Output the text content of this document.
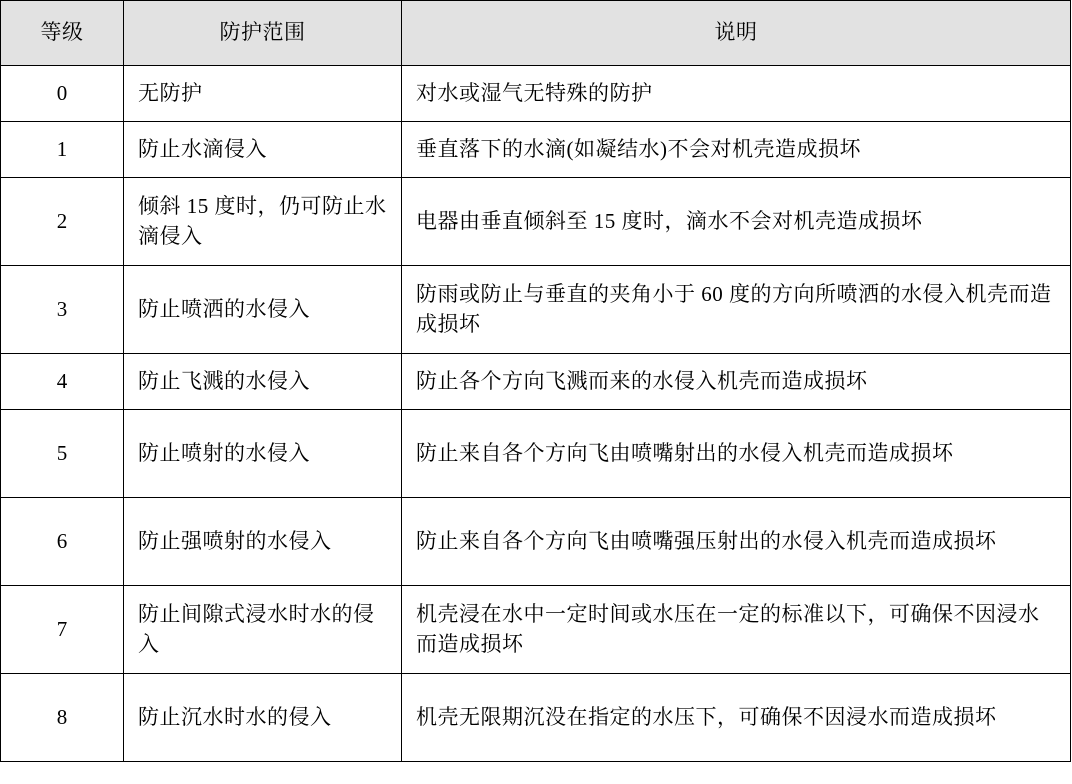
等级	防护范围	说明
0	无防护	对水或湿气无特殊的防护
1	防止水滴侵入	垂直落下的水滴(如凝结水)不会对机壳造成损坏
2	倾斜 15 度时，仍可防止水滴侵入	电器由垂直倾斜至 15 度时，滴水不会对机壳造成损坏
3	防止喷洒的水侵入	防雨或防止与垂直的夹角小于 60 度的方向所喷洒的水侵入机壳而造成损坏
4	防止飞溅的水侵入	防止各个方向飞溅而来的水侵入机壳而造成损坏
5	防止喷射的水侵入	防止来自各个方向飞由喷嘴射出的水侵入机壳而造成损坏
6	防止强喷射的水侵入	防止来自各个方向飞由喷嘴强压射出的水侵入机壳而造成损坏
7	防止间隙式浸水时水的侵入	机壳浸在水中一定时间或水压在一定的标准以下，可确保不因浸水而造成损坏
8	防止沉水时水的侵入	机壳无限期沉没在指定的水压下，可确保不因浸水而造成损坏
